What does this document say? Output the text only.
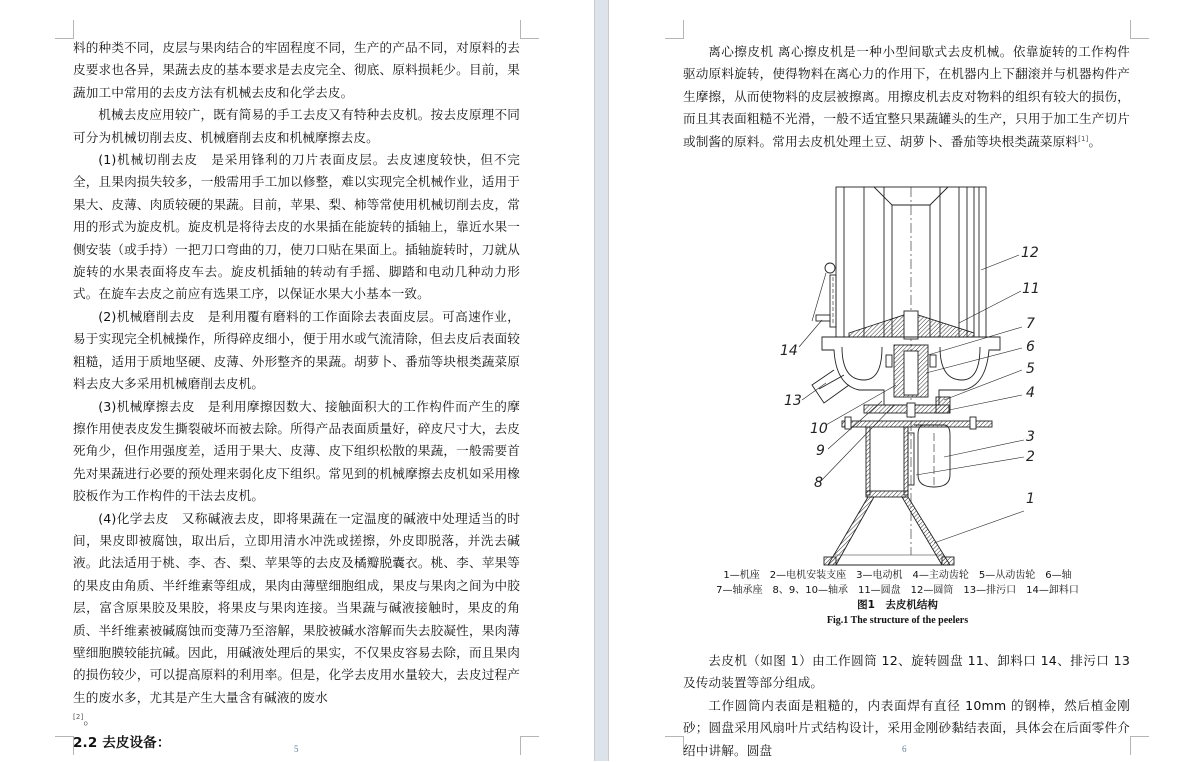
料的种类不同，皮层与果肉结合的牢固程度不同，生产的产品不同，对原料的去皮要求也各异，果蔬去皮的基本要求是去皮完全、彻底、原料损耗少。目前，果蔬加工中常用的去皮方法有机械去皮和化学去皮。

机械去皮应用较广，既有简易的手工去皮又有特种去皮机。按去皮原理不同可分为机械切削去皮、机械磨削去皮和机械摩擦去皮。

(1)机械切削去皮　是采用锋利的刀片表面皮层。去皮速度较快，但不完全，且果肉损失较多，一般需用手工加以修整，难以实现完全机械作业，适用于果大、皮薄、肉质较硬的果蔬。目前，苹果、梨、柿等常使用机械切削去皮，常用的形式为旋皮机。旋皮机是将待去皮的水果插在能旋转的插轴上，靠近水果一侧安装（或手持）一把刀口弯曲的刀，使刀口贴在果面上。插轴旋转时，刀就从旋转的水果表面将皮车去。旋皮机插轴的转动有手摇、脚踏和电动几种动力形式。在旋车去皮之前应有选果工序，以保证水果大小基本一致。

(2)机械磨削去皮　是利用覆有磨料的工作面除去表面皮层。可高速作业，易于实现完全机械操作，所得碎皮细小，便于用水或气流清除，但去皮后表面较粗糙，适用于质地坚硬、皮薄、外形整齐的果蔬。胡萝卜、番茄等块根类蔬菜原料去皮大多采用机械磨削去皮机。

(3)机械摩擦去皮　是利用摩擦因数大、接触面积大的工作构件而产生的摩擦作用使表皮发生撕裂破坏而被去除。所得产品表面质量好，碎皮尺寸大，去皮死角少，但作用强度差，适用于果大、皮薄、皮下组织松散的果蔬，一般需要首先对果蔬进行必要的预处理来弱化皮下组织。常见到的机械摩擦去皮机如采用橡胶板作为工作构件的干法去皮机。

(4)化学去皮　又称碱液去皮，即将果蔬在一定温度的碱液中处理适当的时间，果皮即被腐蚀，取出后，立即用清水冲洗或搓擦，外皮即脱落，并洗去碱液。此法适用于桃、李、杏、梨、苹果等的去皮及橘瓣脱囊衣。桃、李、苹果等的果皮由角质、半纤维素等组成，果肉由薄壁细胞组成，果皮与果肉之间为中胶层，富含原果胶及果胶，将果皮与果肉连接。当果蔬与碱液接触时，果皮的角质、半纤维素被碱腐蚀而变薄乃至溶解，果胶被碱水溶解而失去胶凝性，果肉薄壁细胞膜较能抗碱。因此，用碱液处理后的果实，不仅果皮容易去除，而且果肉的损伤较少，可以提高原料的利用率。但是，化学去皮用水量较大，去皮过程产生的废水多，尤其是产生大量含有碱液的废水
[2]。

2.2 去皮设备：	5

离心擦皮机 离心擦皮机是一种小型间歇式去皮机械。依靠旋转的工作构件驱动原料旋转，使得物料在离心力的作用下，在机器内上下翻滚并与机器构件产生摩擦，从而使物料的皮层被擦离。用擦皮机去皮对物料的组织有较大的损伤，而且其表面粗糙不光滑，一般不适宜整只果蔬罐头的生产，只用于加工生产切片或制酱的原料。常用去皮机处理土豆、胡萝卜、番茄等块根类蔬菜原料[1]。

12
11
7
6
5
4
3
2
1
10
9
8
13
14
1—机座　2—电机安装支座　3—电动机　4—主动齿轮　5—从动齿轮　6—轴
7—轴承座　8、9、10—轴承　11—圆盘　12—圆筒　13—排污口　14—卸料口
图1　去皮机结构
Fig.1 The structure of the peelers

去皮机（如图 1）由工作圆筒 12、旋转圆盘 11、卸料口 14、排污口 13 及传动装置等部分组成。

工作圆筒内表面是粗糙的，内表面焊有直径 10mm 的钢棒，然后植金刚砂；圆盘采用风扇叶片式结构设计，采用金刚砂黏结表面，具体会在后面零件介绍中讲解。圆盘	6
